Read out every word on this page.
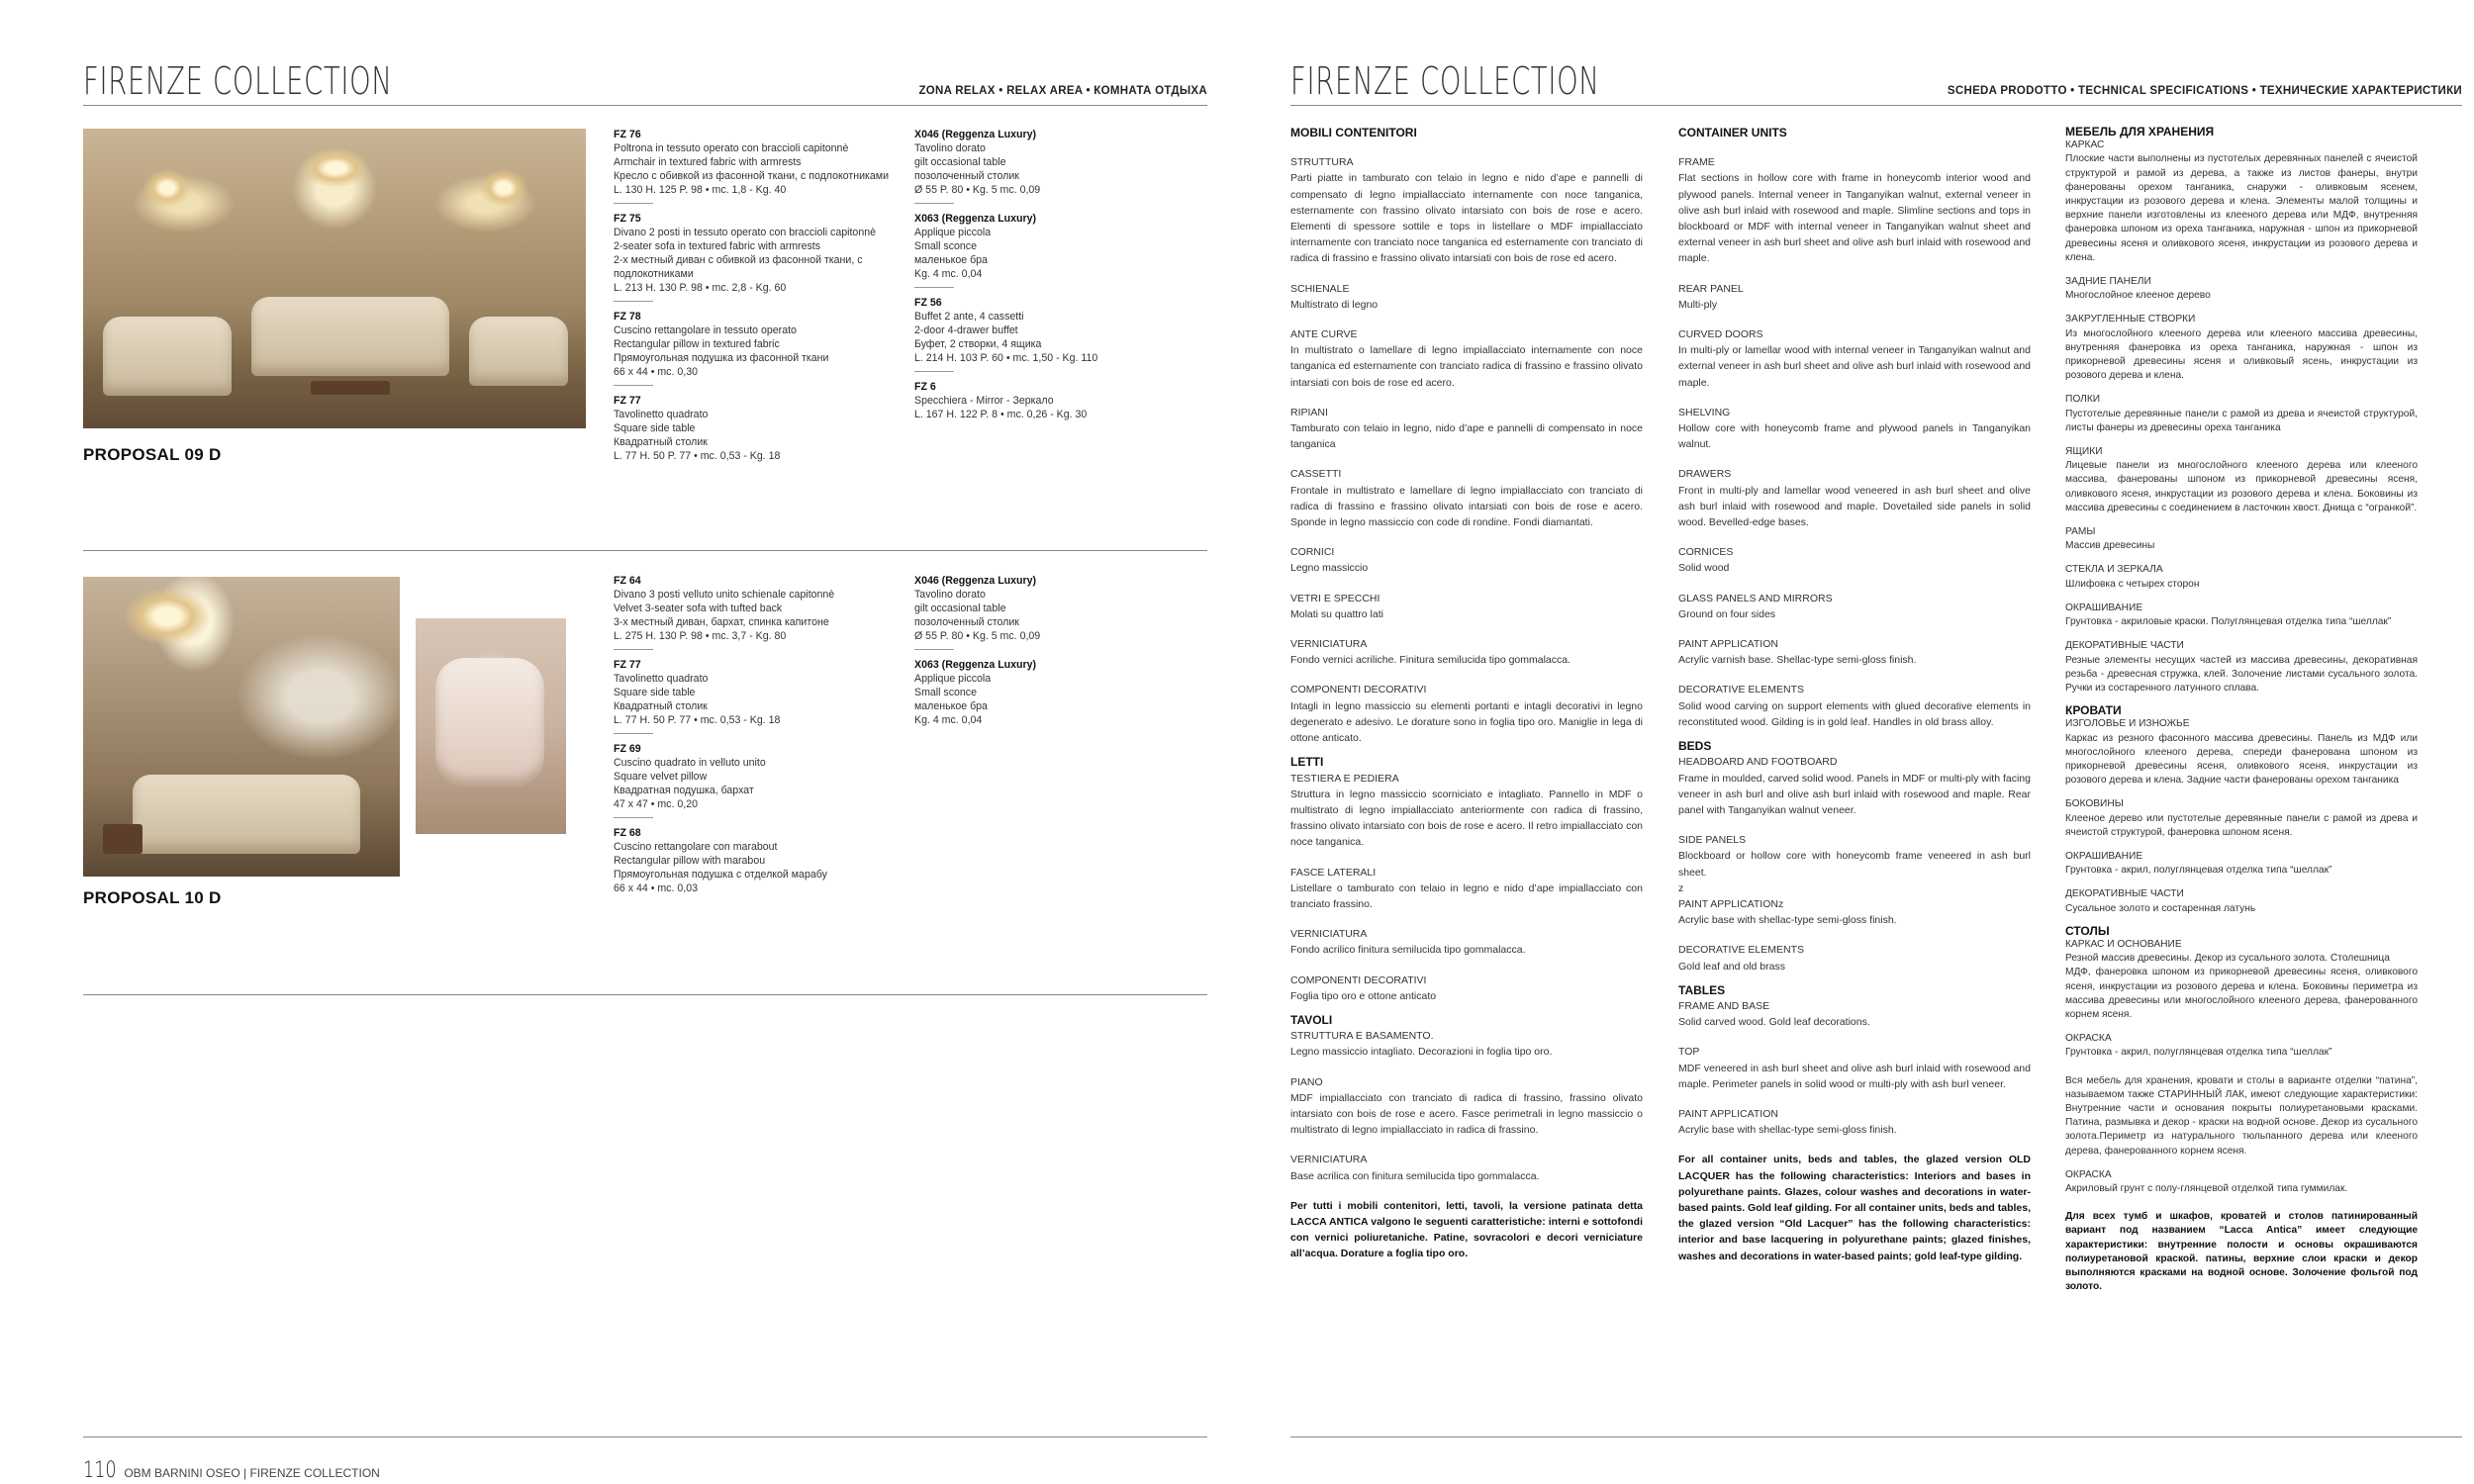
FIRENZE COLLECTION	ZONA RELAX • RELAX AREA • КОМНАТА ОТДЫХА
PROPOSAL 09 D
FZ 76
Poltrona in tessuto operato con braccioli capitonnè
Armchair in textured fabric with armrests
Кресло с обивкой из фасонной ткани, с подлокотниками
L. 130 H. 125 P. 98 • mc. 1,8 - Kg. 40
FZ 75
Divano 2 posti in tessuto operato con braccioli capitonnè
2-seater sofa in textured fabric with armrests
2-х местный диван с обивкой из фасонной ткани, с
подлокотниками
L. 213 H. 130 P. 98 • mc. 2,8 - Kg. 60
FZ 78
Cuscino rettangolare in tessuto operato
Rectangular pillow in textured fabric
Прямоугольная подушка из фасонной ткани
66 x 44 • mc. 0,30
FZ 77
Tavolinetto quadrato
Square side table
Квадратный столик
L. 77 H. 50 P. 77 • mc. 0,53 - Kg. 18
X046 (Reggenza Luxury)
Tavolino dorato
gilt occasional table
позолоченный столик
Ø 55 P. 80 • Kg. 5 mc. 0,09
X063 (Reggenza Luxury)
Applique piccola
Small sconce
маленькое бра
Kg. 4 mc. 0,04
FZ 56
Buffet 2 ante, 4 cassetti
2-door 4-drawer buffet
Буфет, 2 створки, 4 ящика
L. 214 H. 103 P. 60 • mc. 1,50 - Kg. 110
FZ 6
Specchiera - Mirror - Зеркало
L. 167 H. 122 P. 8 • mc. 0,26 - Kg. 30
PROPOSAL 10 D
FZ 64
Divano 3 posti velluto unito schienale capitonnè
Velvet 3-seater sofa with tufted back
3-х местный диван, бархат, спинка капитоне
L. 275 H. 130 P. 98 • mc. 3,7 - Kg. 80
FZ 77
Tavolinetto quadrato
Square side table
Квадратный столик
L. 77 H. 50 P. 77 • mc. 0,53 - Kg. 18
FZ 69
Cuscino quadrato in velluto unito
Square velvet pillow
Квадратная подушка, бархат
47 x 47 • mc. 0,20
FZ 68
Cuscino rettangolare con marabout
Rectangular pillow with marabou
Прямоугольная подушка с отделкой марабу
66 x 44 • mc. 0,03
X046 (Reggenza Luxury)
Tavolino dorato
gilt occasional table
позолоченный столик
Ø 55 P. 80 • Kg. 5 mc. 0,09
X063 (Reggenza Luxury)
Applique piccola
Small sconce
маленькое бра
Kg. 4 mc. 0,04
110 OBM BARNINI OSEO | FIRENZE COLLECTION
FIRENZE COLLECTION	SCHEDA PRODOTTO • TECHNICAL SPECIFICATIONS • ТЕХНИЧЕСКИЕ ХАРАКТЕРИСТИКИ
MOBILI CONTENITORI
STRUTTURA
Parti piatte in tamburato con telaio in legno e nido d’ape e pannelli di compensato di legno impiallacciato internamente con noce tanganica, esternamente con frassino olivato intarsiato con bois de rose e acero. Elementi di spessore sottile e tops in listellare o MDF impiallacciato internamente con tranciato noce tanganica ed esternamente con tranciato di radica di frassino e frassino olivato intarsiati con bois de rose ed acero.
SCHIENALE
Multistrato di legno
ANTE CURVE
In multistrato o lamellare di legno impiallacciato internamente con noce tanganica ed esternamente con tranciato radica di frassino e frassino olivato intarsiati con bois de rose ed acero.
RIPIANI
Tamburato con telaio in legno, nido d’ape e pannelli di compensato in noce tanganica
CASSETTI
Frontale in multistrato e lamellare di legno impiallacciato con tranciato di radica di frassino e frassino olivato intarsiati con bois de rose e acero. Sponde in legno massiccio con code di rondine. Fondi diamantati.
CORNICI
Legno massiccio
VETRI E SPECCHI
Molati su quattro lati
VERNICIATURA
Fondo vernici acriliche. Finitura semilucida tipo gommalacca.
COMPONENTI DECORATIVI
Intagli in legno massiccio su elementi portanti e intagli decorativi in legno degenerato e adesivo. Le dorature sono in foglia tipo oro. Maniglie in lega di ottone anticato.
LETTI
TESTIERA E PEDIERA
Struttura in legno massiccio scorniciato e intagliato. Pannello in MDF o multistrato di legno impiallacciato anteriormente con radica di frassino, frassino olivato intarsiato con bois de rose e acero. Il retro impiallacciato con noce tanganica.
FASCE LATERALI
Listellare o tamburato con telaio in legno e nido d’ape impiallacciato con tranciato frassino.
VERNICIATURA
Fondo acrilico finitura semilucida tipo gommalacca.
COMPONENTI DECORATIVI
Foglia tipo oro e ottone anticato
TAVOLI
STRUTTURA E BASAMENTO.
Legno massiccio intagliato. Decorazioni in foglia tipo oro.
PIANO
MDF impiallacciato con tranciato di radica di frassino, frassino olivato intarsiato con bois de rose e acero. Fasce perimetrali in legno massiccio o multistrato di legno impiallacciato in radica di frassino.
VERNICIATURA
Base acrilica con finitura semilucida tipo gommalacca.
Per tutti i mobili contenitori, letti, tavoli, la versione patinata detta LACCA ANTICA valgono le seguenti caratteristiche: interni e sottofondi con vernici poliuretaniche. Patine, sovracolori e decori verniciature all’acqua. Dorature a foglia tipo oro.
CONTAINER UNITS
FRAME
Flat sections in hollow core with frame in honeycomb interior wood and plywood panels. Internal veneer in Tanganyikan walnut, external veneer in olive ash burl inlaid with rosewood and maple. Slimline sections and tops in blockboard or MDF with internal veneer in Tanganyikan walnut sheet and external veneer in ash burl sheet and olive ash burl inlaid with rosewood and maple.
REAR PANEL
Multi-ply
CURVED DOORS
In multi-ply or lamellar wood with internal veneer in Tanganyikan walnut and external veneer in ash burl sheet and olive ash burl inlaid with rosewood and maple.
SHELVING
Hollow core with honeycomb frame and plywood panels in Tanganyikan walnut.
DRAWERS
Front in multi-ply and lamellar wood veneered in ash burl sheet and olive ash burl inlaid with rosewood and maple. Dovetailed side panels in solid wood. Bevelled-edge bases.
CORNICES
Solid wood
GLASS PANELS AND MIRRORS
Ground on four sides
PAINT APPLICATION
Acrylic varnish base. Shellac-type semi-gloss finish.
DECORATIVE ELEMENTS
Solid wood carving on support elements with glued decorative elements in reconstituted wood. Gilding is in gold leaf. Handles in old brass alloy.
BEDS
HEADBOARD AND FOOTBOARD
Frame in moulded, carved solid wood. Panels in MDF or multi-ply with facing veneer in ash burl and olive ash burl inlaid with rosewood and maple. Rear panel with Tanganyikan walnut veneer.
SIDE PANELS
Blockboard or hollow core with honeycomb frame veneered in ash burl sheet.
z
PAINT APPLICATIONz
Acrylic base with shellac-type semi-gloss finish.
DECORATIVE ELEMENTS
Gold leaf and old brass
TABLES
FRAME AND BASE
Solid carved wood. Gold leaf decorations.
TOP
MDF veneered in ash burl sheet and olive ash burl inlaid with rosewood and maple. Perimeter panels in solid wood or multi-ply with ash burl veneer.
PAINT APPLICATION
Acrylic base with shellac-type semi-gloss finish.
For all container units, beds and tables, the glazed version OLD LACQUER has the following characteristics: Interiors and bases in polyurethane paints. Glazes, colour washes and decorations in water-based paints. Gold leaf gilding. For all container units, beds and tables, the glazed version “Old Lacquer” has the following characteristics: interior and base lacquering in polyurethane paints; glazed finishes, washes and decorations in water-based paints; gold leaf-type gilding.
МЕБЕЛЬ ДЛЯ ХРАНЕНИЯ
КАРКАС
Плоские части выполнены из пустотелых деревянных панелей с ячеистой структурой и рамой из дерева, а также из листов фанеры, внутри фанерованы орехом танганика, снаружи - оливковым ясенем, инкрустации из розового дерева и клена. Элементы малой толщины и верхние панели изготовлены из клееного дерева или МДФ, внутренняя фанеровка шпоном из ореха танганика, наружная - шпон из прикорневой древесины ясеня и оливкового ясеня, инкрустации из розового дерева и клена.
ЗАДНИЕ ПАНЕЛИ
Многослойное клееное дерево
ЗАКРУГЛЕННЫЕ СТВОРКИ
Из многослойного клееного дерева или клееного массива древесины, внутренняя фанеровка из ореха танганика, наружная - шпон из прикорневой древесины ясеня и оливковый ясень, инкрустации из розового дерева и клена.
ПОЛКИ
Пустотелые деревянные панели с рамой из древа и ячеистой структурой, листы фанеры из древесины ореха танганика
ЯЩИКИ
Лицевые панели из многослойного клееного дерева или клееного массива, фанерованы шпоном из прикорневой древесины ясеня, оливкового ясеня, инкрустации из розового дерева и клена. Боковины из массива древесины с соединением в ласточкин хвост. Днища с “огранкой”.
РАМЫ
Массив древесины
СТЕКЛА И ЗЕРКАЛА
Шлифовка с четырех сторон
ОКРАШИВАНИЕ
Грунтовка - акриловые краски. Полуглянцевая отделка типа “шеллак”
ДЕКОРАТИВНЫЕ ЧАСТИ
Резные элементы несущих частей из массива древесины, декоративная резьба - древесная стружка, клей. Золочение листами сусального золота. Ручки из состаренного латунного сплава.
КРОВАТИ
ИЗГОЛОВЬЕ И ИЗНОЖЬЕ
Каркас из резного фасонного массива древесины. Панель из МДФ или многослойного клееного дерева, спереди фанерована шпоном из прикорневой древесины ясеня, оливкового ясеня, инкрустации из розового дерева и клена. Задние части фанерованы орехом танганика
БОКОВИНЫ
Клееное дерево или пустотелые деревянные панели с рамой из древа и ячеистой структурой, фанеровка шпоном ясеня.
ОКРАШИВАНИЕ
Грунтовка - акрил, полуглянцевая отделка типа “шеллак”
ДЕКОРАТИВНЫЕ ЧАСТИ
Сусальное золото и состаренная латунь
СТОЛЫ
КАРКАС И ОСНОВАНИЕ
Резной массив древесины. Декор из сусального золота. Столешница
МДФ, фанеровка шпоном из прикорневой древесины ясеня, оливкового ясеня, инкрустации из розового дерева и клена. Боковины периметра из массива древесины или многослойного клееного дерева, фанерованного корнем ясеня.
ОКРАСКА
Грунтовка - акрил, полуглянцевая отделка типа “шеллак”
Вся мебель для хранения, кровати и столы в варианте отделки “патина”, называемом также СТАРИННЫЙ ЛАК, имеют следующие характеристики: Внутренние части и основания покрыты полиуретановыми красками. Патина, размывка и декор - краски на водной основе. Декор из сусального золота.Периметр из натурального тюльпанного дерева или клееного дерева, фанерованного корнем ясеня.
ОКРАСКА
Акриловый грунт с полу-глянцевой отделкой типа гуммилак.
Для всех тумб и шкафов, кроватей и столов патинированный вариант под названием “Lacca Antica” имеет следующие характеристики: внутренние полости и основы окрашиваются полиуретановой краской. патины, верхние слои краски и декор выполняются красками на водной основе. Золочение фольгой под золото.
